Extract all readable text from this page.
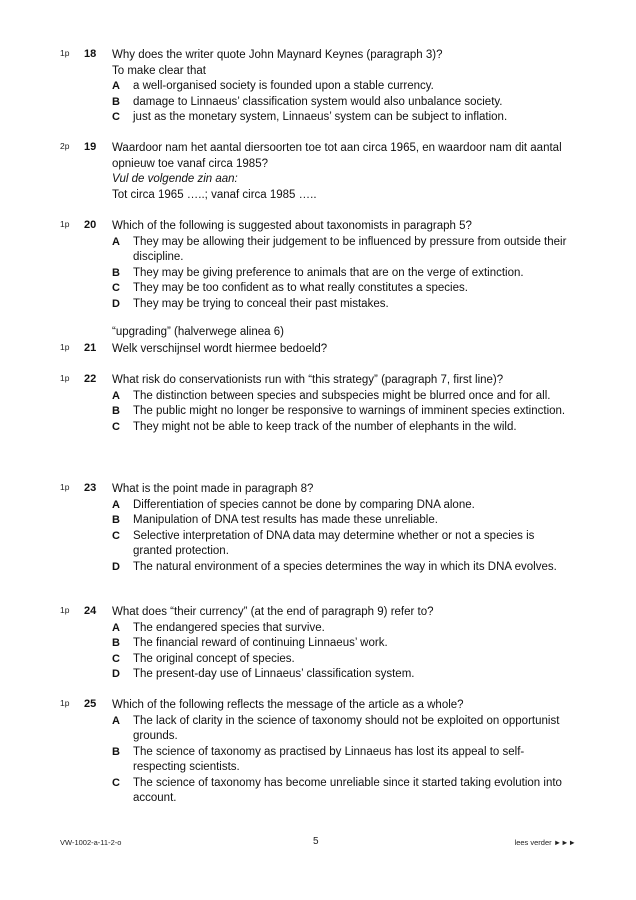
1p 18 Why does the writer quote John Maynard Keynes (paragraph 3)?
To make clear that
A a well-organised society is founded upon a stable currency.
B damage to Linnaeus’ classification system would also unbalance society.
C just as the monetary system, Linnaeus’ system can be subject to inflation.
2p 19 Waardoor nam het aantal diersoorten toe tot aan circa 1965, en waardoor nam dit aantal opnieuw toe vanaf circa 1985?
Vul de volgende zin aan:
Tot circa 1965 …..; vanaf circa 1985 …..
1p 20 Which of the following is suggested about taxonomists in paragraph 5?
A They may be allowing their judgement to be influenced by pressure from outside their discipline.
B They may be giving preference to animals that are on the verge of extinction.
C They may be too confident as to what really constitutes a species.
D They may be trying to conceal their past mistakes.
“upgrading” (halverwege alinea 6)
1p 21 Welk verschijnsel wordt hiermee bedoeld?
1p 22 What risk do conservationists run with “this strategy” (paragraph 7, first line)?
A The distinction between species and subspecies might be blurred once and for all.
B The public might no longer be responsive to warnings of imminent species extinction.
C They might not be able to keep track of the number of elephants in the wild.
1p 23 What is the point made in paragraph 8?
A Differentiation of species cannot be done by comparing DNA alone.
B Manipulation of DNA test results has made these unreliable.
C Selective interpretation of DNA data may determine whether or not a species is granted protection.
D The natural environment of a species determines the way in which its DNA evolves.
1p 24 What does “their currency” (at the end of paragraph 9) refer to?
A The endangered species that survive.
B The financial reward of continuing Linnaeus’ work.
C The original concept of species.
D The present-day use of Linnaeus’ classification system.
1p 25 Which of the following reflects the message of the article as a whole?
A The lack of clarity in the science of taxonomy should not be exploited on opportunist grounds.
B The science of taxonomy as practised by Linnaeus has lost its appeal to self-respecting scientists.
C The science of taxonomy has become unreliable since it started taking evolution into account.
VW-1002-a-11-2-o	5	lees verder ►►►
